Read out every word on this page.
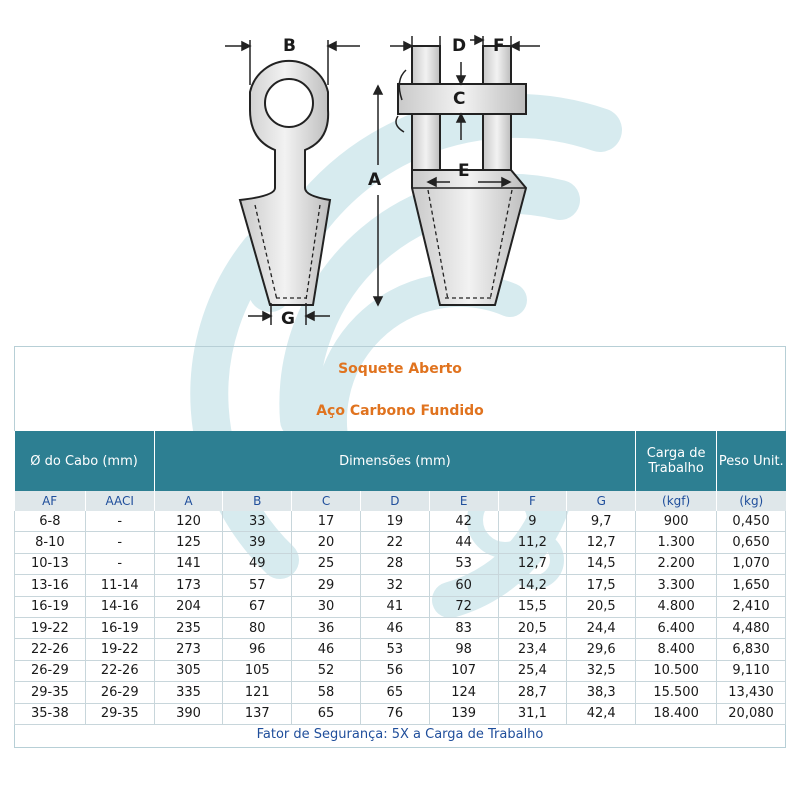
B	D F
C
A	E
G
Soquete Aberto
Aço Carbono Fundido
Ø do Cabo (mm)		Dimensões (mm)							Carga de Trabalho	Peso Unit.
AF	AACI	A	B	C	D	E	F	G	(kgf)	(kg)
6-8	-	120	33	17	19	42	9	9,7	900	0,450
8-10	-	125	39	20	22	44	11,2	12,7	1.300	0,650
10-13	-	141	49	25	28	53	12,7	14,5	2.200	1,070
13-16	11-14	173	57	29	32	60	14,2	17,5	3.300	1,650
16-19	14-16	204	67	30	41	72	15,5	20,5	4.800	2,410
19-22	16-19	235	80	36	46	83	20,5	24,4	6.400	4,480
22-26	19-22	273	96	46	53	98	23,4	29,6	8.400	6,830
26-29	22-26	305	105	52	56	107	25,4	32,5	10.500	9,110
29-35	26-29	335	121	58	65	124	28,7	38,3	15.500	13,430
35-38	29-35	390	137	65	76	139	31,1	42,4	18.400	20,080
Fator de Segurança: 5X a Carga de Trabalho
